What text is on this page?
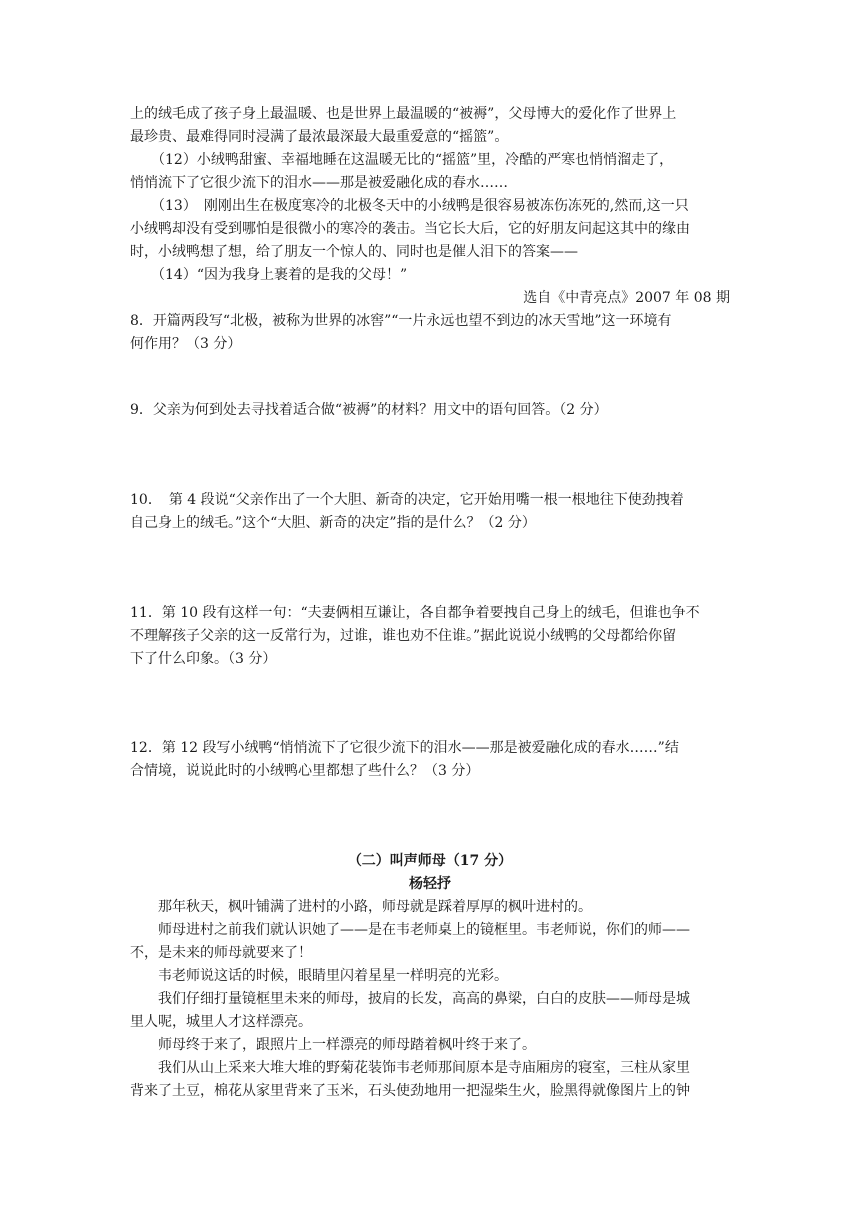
上的绒毛成了孩子身上最温暖、也是世界上最温暖的“被褥”，父母博大的爱化作了世界上
最珍贵、最难得同时浸满了最浓最深最大最重爱意的“摇篮”。
　　（12）小绒鸭甜蜜、幸福地睡在这温暖无比的“摇篮”里，冷酷的严寒也悄悄溜走了，
悄悄流下了它很少流下的泪水——那是被爱融化成的春水……
　　（13）　刚刚出生在极度寒冷的北极冬天中的小绒鸭是很容易被冻伤冻死的,然而,这一只
小绒鸭却没有受到哪怕是很微小的寒冷的袭击。当它长大后，它的好朋友问起这其中的缘由
时，小绒鸭想了想，给了朋友一个惊人的、同时也是催人泪下的答案——
　　（14）“因为我身上裹着的是我的父母！”
选自《中青亮点》2007 年 08 期
8．开篇两段写“北极，被称为世界的冰窖”“一片永远也望不到边的冰天雪地”这一环境有
何作用？（3 分）
9．父亲为何到处去寻找着适合做“被褥”的材料？用文中的语句回答。（2 分）
10．　第 4 段说“父亲作出了一个大胆、新奇的决定，它开始用嘴一根一根地往下使劲拽着
自己身上的绒毛。”这个“大胆、新奇的决定”指的是什么？（2 分）
11．第 10 段有这样一句：“夫妻俩相互谦让，各自都争着要拽自己身上的绒毛，但谁也争不
不理解孩子父亲的这一反常行为，过谁，谁也劝不住谁。”据此说说小绒鸭的父母都给你留
下了什么印象。（3 分）
12．第 12 段写小绒鸭“悄悄流下了它很少流下的泪水——那是被爱融化成的春水……”结
合情境，说说此时的小绒鸭心里都想了些什么？（3 分）
（二）叫声师母（17 分）
杨轻抒
　　那年秋天，枫叶铺满了进村的小路，师母就是踩着厚厚的枫叶进村的。
　　师母进村之前我们就认识她了——是在韦老师桌上的镜框里。韦老师说，你们的师——
不，是未来的师母就要来了！
　　韦老师说这话的时候，眼睛里闪着星星一样明亮的光彩。
　　我们仔细打量镜框里未来的师母，披肩的长发，高高的鼻梁，白白的皮肤——师母是城
里人呢，城里人才这样漂亮。
　　师母终于来了，跟照片上一样漂亮的师母踏着枫叶终于来了。
　　我们从山上采来大堆大堆的野菊花装饰韦老师那间原本是寺庙厢房的寝室，三柱从家里
背来了土豆，棉花从家里背来了玉米，石头使劲地用一把湿柴生火，脸黑得就像图片上的钟
